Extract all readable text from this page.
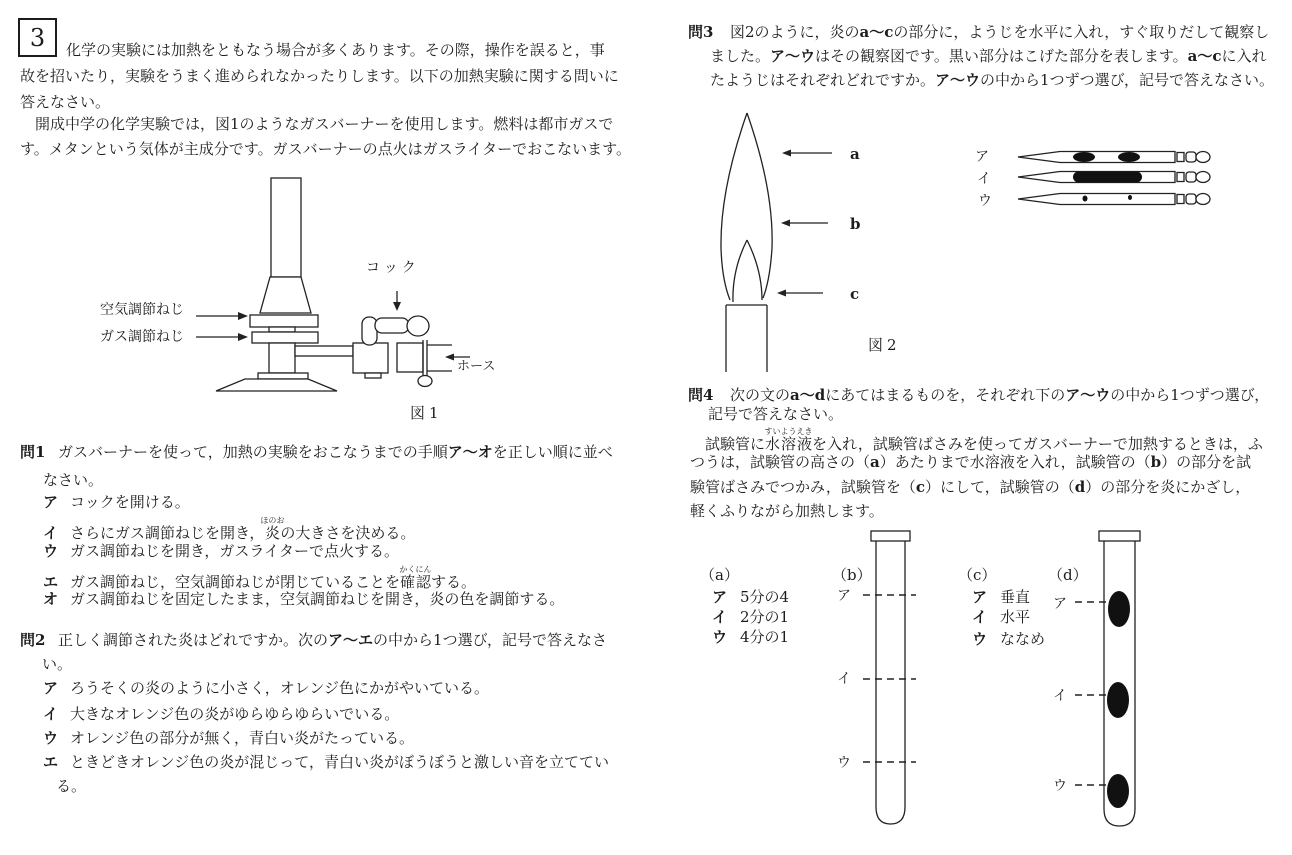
3 化学の実験には加熱をともなう場合が多くあります。その際，操作を誤ると，事
故を招いたり，実験をうまく進められなかったりします。以下の加熱実験に関する問いに
答えなさい。
　開成中学の化学実験では，図1のようなガスバーナーを使用します。燃料は都市ガスで
す。メタンという気体が主成分です。ガスバーナーの点火はガスライターでおこないます。
空気調節ねじ
ガス調節ねじ
コック
ホース
図1
問1 ガスバーナーを使って，加熱の実験をおこなうまでの手順ア〜オを正しい順に並べ
なさい。
ア コックを開ける。
イ さらにガス調節ねじを開き，炎ほのおの大きさを決める。
ウ ガス調節ねじを開き，ガスライターで点火する。
エ ガス調節ねじ，空気調節ねじが閉じていることを確認かくにんする。
オ ガス調節ねじを固定したまま，空気調節ねじを開き，炎の色を調節する。
問2 正しく調節された炎はどれですか。次のア〜エの中から1つ選び，記号で答えなさ
い。
ア ろうそくの炎のように小さく，オレンジ色にかがやいている。
イ 大きなオレンジ色の炎がゆらゆらゆらいでいる。
ウ オレンジ色の部分が無く，青白い炎がたっている。
エ ときどきオレンジ色の炎が混じって，青白い炎がぼうぼうと激しい音を立ててい
る。
問3 図2のように，炎のa〜cの部分に，ようじを水平に入れ，すぐ取りだして観察し
ました。ア〜ウはその観察図です。黒い部分はこげた部分を表します。a〜cに入れ
たようじはそれぞれどれですか。ア〜ウの中から1つずつ選び，記号で答えなさい。
a
b
c
ア
イ
ウ
図2
問4 次の文のa〜dにあてはまるものを，それぞれ下のア〜ウの中から1つずつ選び，
記号で答えなさい。
　試験管に水溶液すいようえきを入れ，試験管ばさみを使ってガスバーナーで加熱するときは，ふ
つうは，試験管の高さの（a）あたりまで水溶液を入れ，試験管の（b）の部分を試
験管ばさみでつかみ，試験管を（c）にして，試験管の（d）の部分を炎にかざし，
軽くふりながら加熱します。
（a）
ア 5分の4
イ 2分の1
ウ 4分の1
（b）	（c）
ア 垂直
イ 水平
ウ ななめ
（d）
ア
イ
ウ
ア
イ
ウ
